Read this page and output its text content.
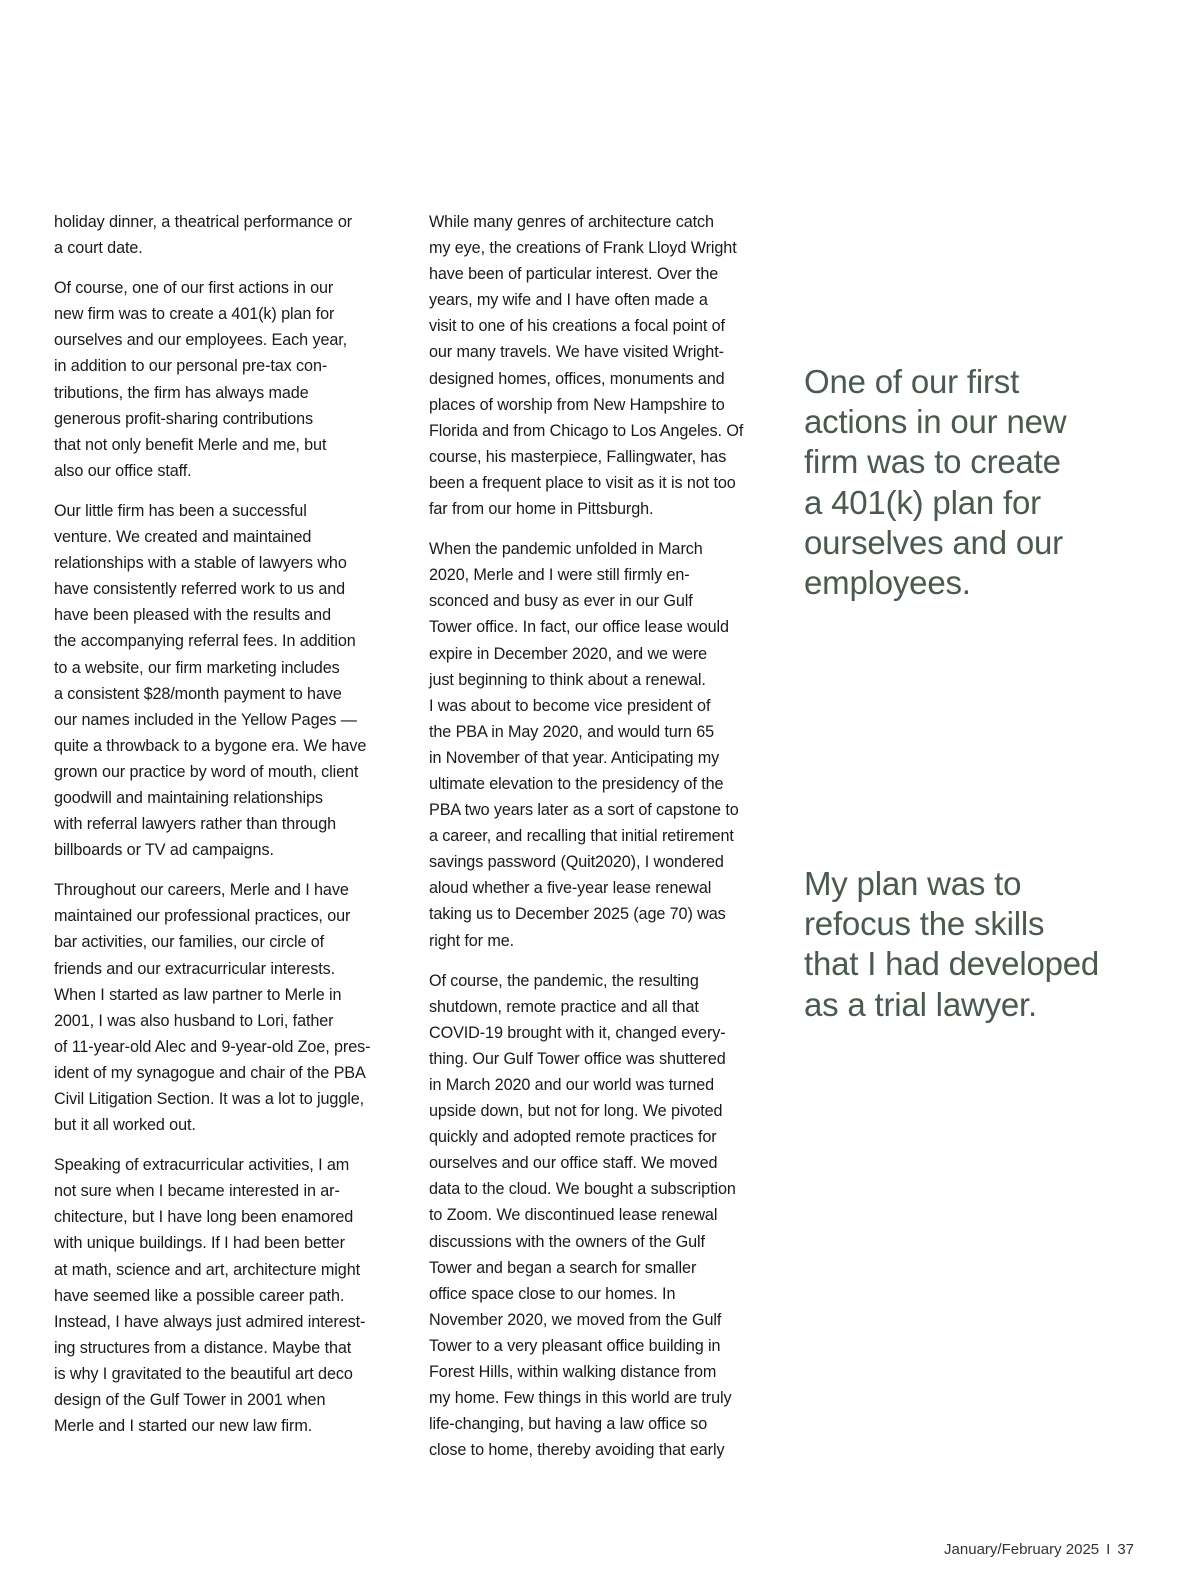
holiday dinner, a theatrical performance or
a court date.

Of course, one of our first actions in our
new firm was to create a 401(k) plan for
ourselves and our employees. Each year,
in addition to our personal pre-tax con-
tributions, the firm has always made
generous profit-sharing contributions
that not only benefit Merle and me, but
also our office staff.

Our little firm has been a successful
venture. We created and maintained
relationships with a stable of lawyers who
have consistently referred work to us and
have been pleased with the results and
the accompanying referral fees. In addition
to a website, our firm marketing includes
a consistent $28/month payment to have
our names included in the Yellow Pages —
quite a throwback to a bygone era. We have
grown our practice by word of mouth, client
goodwill and maintaining relationships
with referral lawyers rather than through
billboards or TV ad campaigns.

Throughout our careers, Merle and I have
maintained our professional practices, our
bar activities, our families, our circle of
friends and our extracurricular interests.
When I started as law partner to Merle in
2001, I was also husband to Lori, father
of 11-year-old Alec and 9-year-old Zoe, pres-
ident of my synagogue and chair of the PBA
Civil Litigation Section. It was a lot to juggle,
but it all worked out.

Speaking of extracurricular activities, I am
not sure when I became interested in ar-
chitecture, but I have long been enamored
with unique buildings. If I had been better
at math, science and art, architecture might
have seemed like a possible career path.
Instead, I have always just admired interest-
ing structures from a distance. Maybe that
is why I gravitated to the beautiful art deco
design of the Gulf Tower in 2001 when
Merle and I started our new law firm.

While many genres of architecture catch
my eye, the creations of Frank Lloyd Wright
have been of particular interest. Over the
years, my wife and I have often made a
visit to one of his creations a focal point of
our many travels. We have visited Wright-
designed homes, offices, monuments and
places of worship from New Hampshire to
Florida and from Chicago to Los Angeles. Of
course, his masterpiece, Fallingwater, has
been a frequent place to visit as it is not too
far from our home in Pittsburgh.

When the pandemic unfolded in March
2020, Merle and I were still firmly en-
sconced and busy as ever in our Gulf
Tower office. In fact, our office lease would
expire in December 2020, and we were
just beginning to think about a renewal.
I was about to become vice president of
the PBA in May 2020, and would turn 65
in November of that year. Anticipating my
ultimate elevation to the presidency of the
PBA two years later as a sort of capstone to
a career, and recalling that initial retirement
savings password (Quit2020), I wondered
aloud whether a five-year lease renewal
taking us to December 2025 (age 70) was
right for me.

Of course, the pandemic, the resulting
shutdown, remote practice and all that
COVID-19 brought with it, changed every-
thing. Our Gulf Tower office was shuttered
in March 2020 and our world was turned
upside down, but not for long. We pivoted
quickly and adopted remote practices for
ourselves and our office staff. We moved
data to the cloud. We bought a subscription
to Zoom. We discontinued lease renewal
discussions with the owners of the Gulf
Tower and began a search for smaller
office space close to our homes. In
November 2020, we moved from the Gulf
Tower to a very pleasant office building in
Forest Hills, within walking distance from
my home. Few things in this world are truly
life-changing, but having a law office so
close to home, thereby avoiding that early

One of our first
actions in our new
firm was to create
a 401(k) plan for
ourselves and our
employees.

My plan was to
refocus the skills
that I had developed
as a trial lawyer.

January/February 2025 I 37
